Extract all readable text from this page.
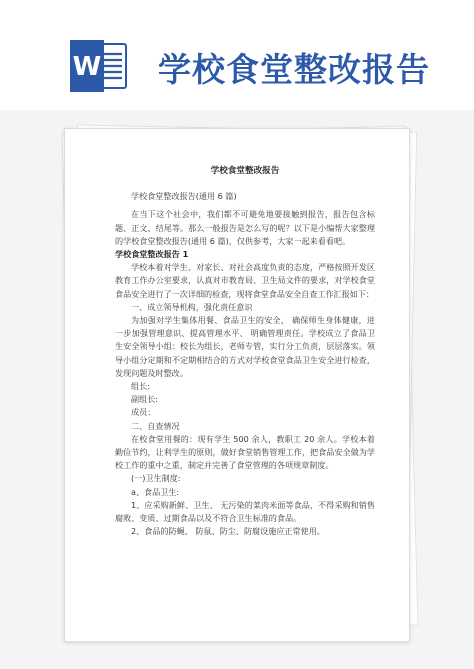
W 学校食堂整改报告
学校食堂整改报告
学校食堂整改报告(通用 6 篇)
在当下这个社会中，我们都不可避免地要接触到报告，报告包含标题、正文、结尾等。那么一般报告是怎么写的呢？以下是小编帮大家整理的学校食堂整改报告(通用 6 篇)，仅供参考，大家一起来看看吧。
学校食堂整改报告 1
学校本着对学生、对家长、对社会高度负责的态度，严格按照开发区教育工作办公室要求，认真对市教育局、卫生局文件的要求，对学校食堂食品安全进行了一次详细的检查，现将食堂食品安全自查工作汇报如下：
一、成立领导机构，强化责任意识
为加强对学生集体用餐、食品卫生的安全， 确保师生身体健康，进一步加强管理意识、提高管理水平、 明确管理责任。学校成立了食品卫生安全领导小组：校长为组长，老师专管，实行分工负责，层层落实。领导小组分定期和不定期相结合的方式对学校食堂食品卫生安全进行检查，发现问题及时整改。
组长:
副组长:
成员：
二、自查情况
在校食堂用餐的：现有学生 500 余人，教职工 20 余人。学校本着勤俭节约，让利学生的原则，做好食堂销售管理工作，把食品安全做为学校工作的重中之重，制定并完善了食堂管理的各项规章制度。
(一)卫生制度:
a、食品卫生:
1、应采购新鲜、卫生、 无污染的菜肉米面等食品，不得采购和销售腐败、变质、过期食品以及不符合卫生标准的食品。
2、食品的防蝇、 防鼠、防尘、防腐设施应正常使用。
